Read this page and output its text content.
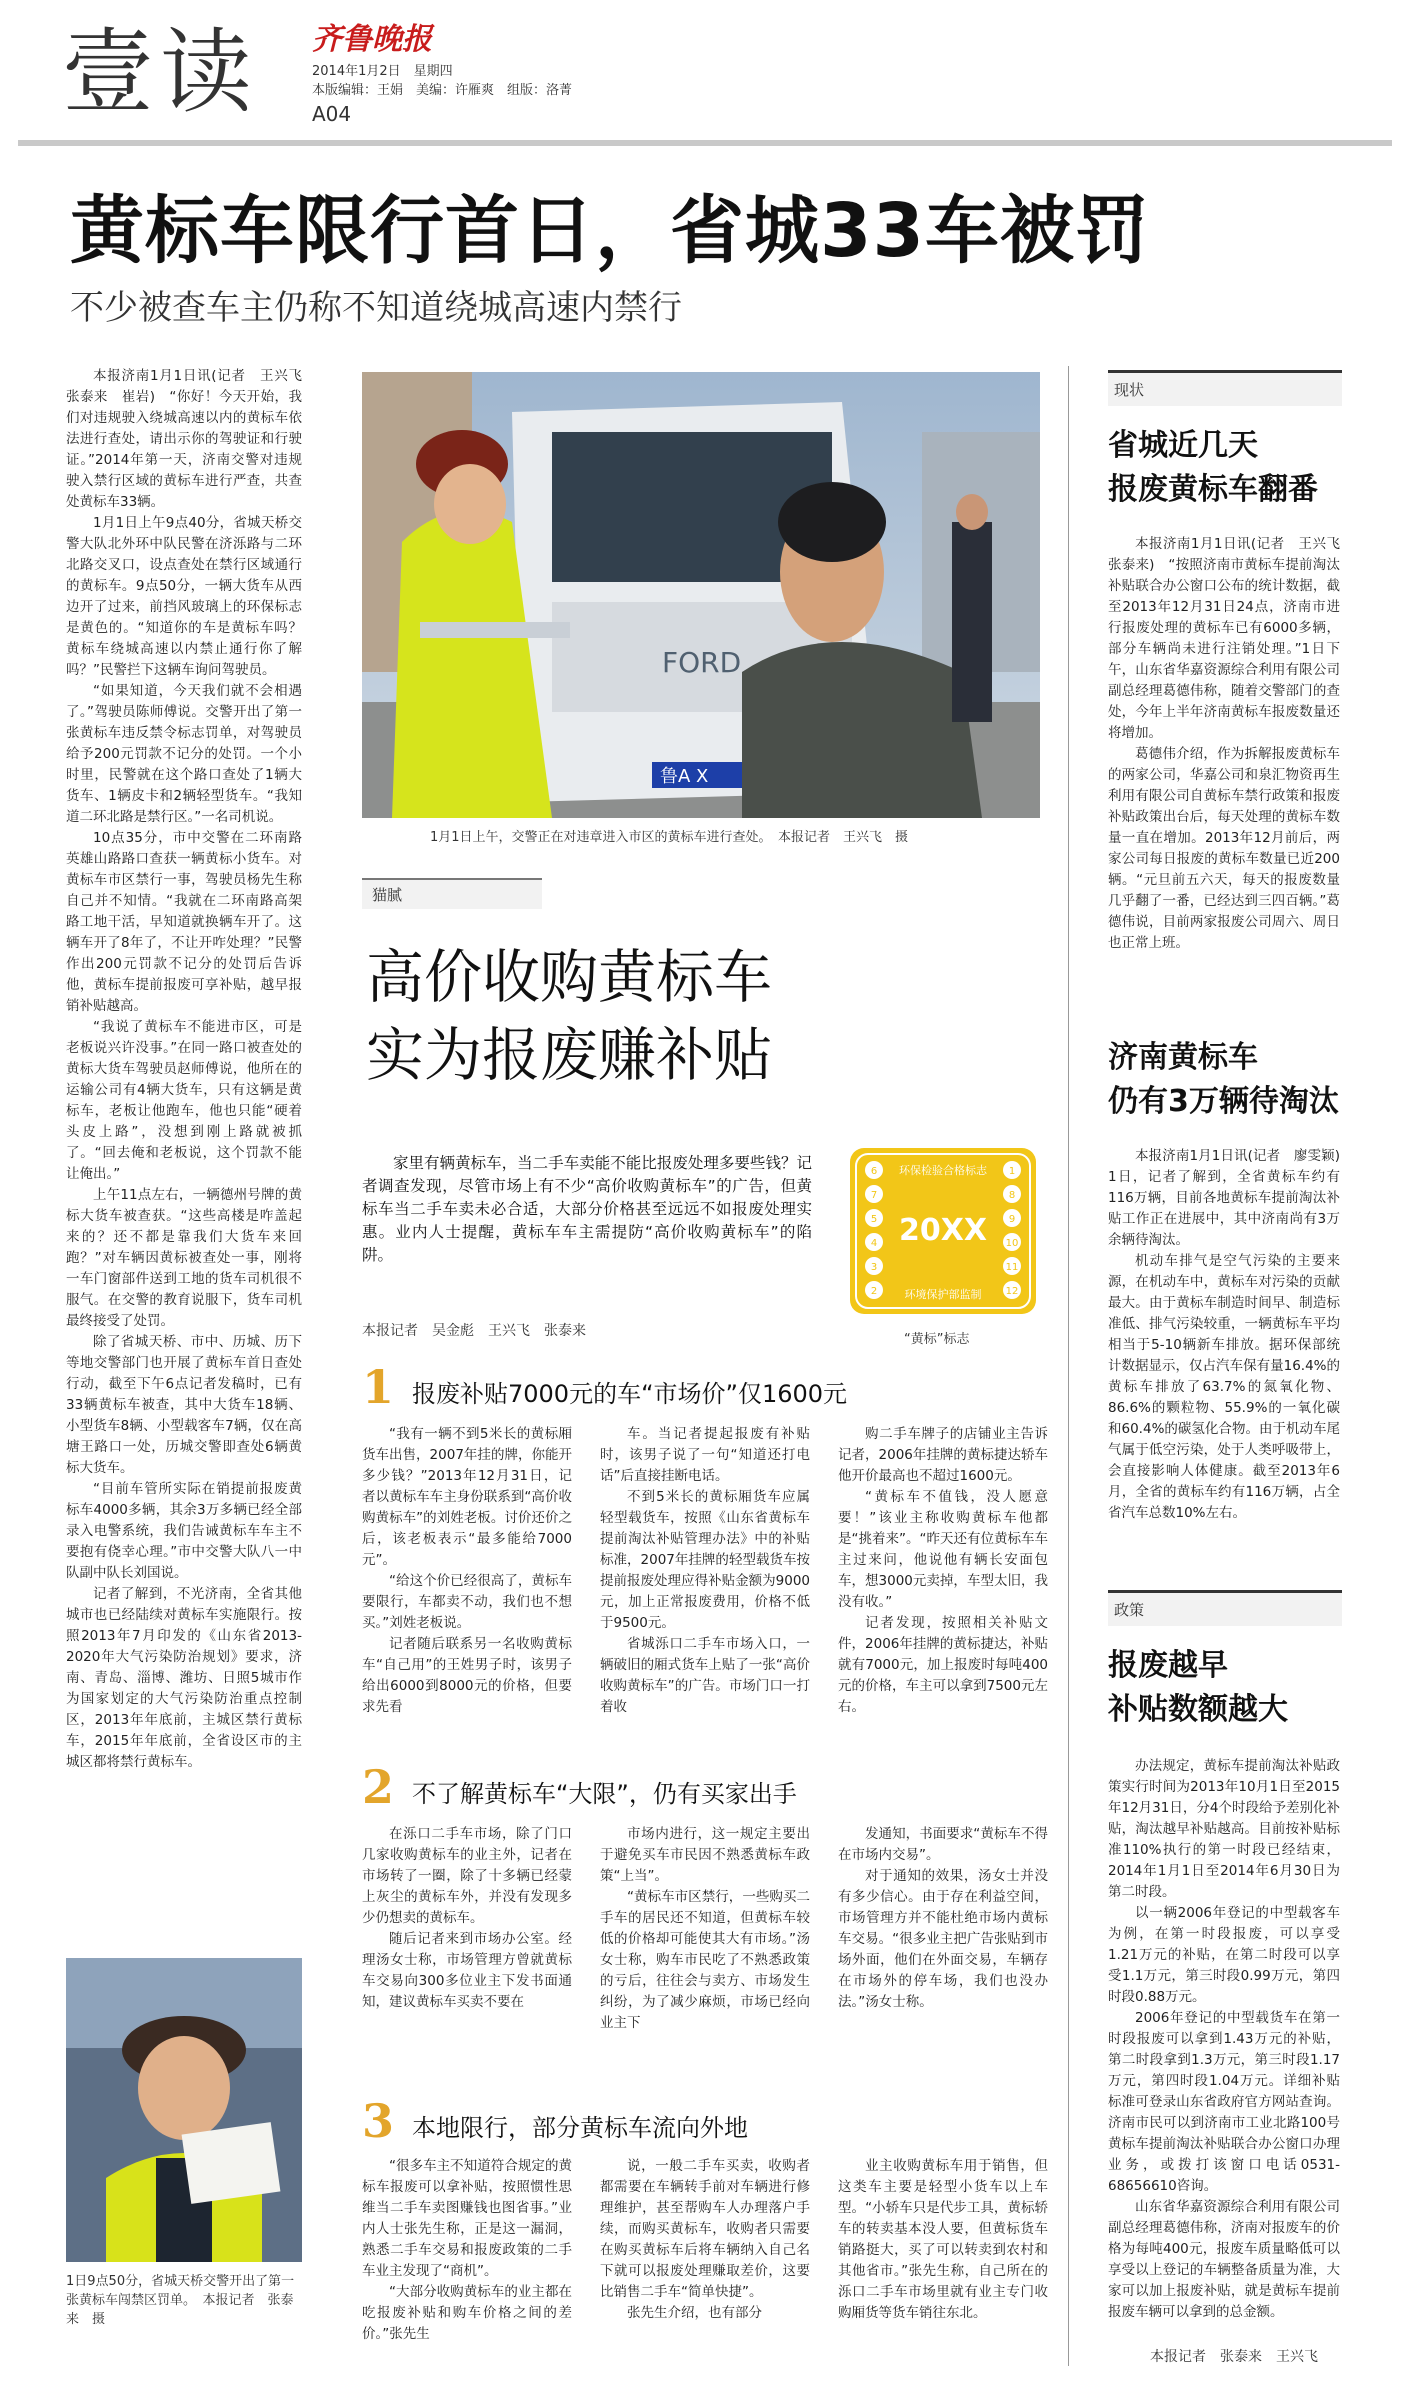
壹读 齐鲁晚报
2014年1月2日　星期四
本版编辑：王娟　美编：许雁爽　组版：洛菁
A04
黄标车限行首日，省城33车被罚
不少被查车主仍称不知道绕城高速内禁行

本报济南1月1日讯(记者　王兴飞　张泰来　崔岩)　“你好！今天开始，我们对违规驶入绕城高速以内的黄标车依法进行查处，请出示你的驾驶证和行驶证。”2014年第一天，济南交警对违规驶入禁行区域的黄标车进行严查，共查处黄标车33辆。

1月1日上午9点40分，省城天桥交警大队北外环中队民警在济泺路与二环北路交叉口，设点查处在禁行区域通行的黄标车。9点50分，一辆大货车从西边开了过来，前挡风玻璃上的环保标志是黄色的。“知道你的车是黄标车吗？黄标车绕城高速以内禁止通行你了解吗？”民警拦下这辆车询问驾驶员。

“如果知道，今天我们就不会相遇了。”驾驶员陈师傅说。交警开出了第一张黄标车违反禁令标志罚单，对驾驶员给予200元罚款不记分的处罚。一个小时里，民警就在这个路口查处了1辆大货车、1辆皮卡和2辆轻型货车。“我知道二环北路是禁行区。”一名司机说。

10点35分，市中交警在二环南路英雄山路路口查获一辆黄标小货车。对黄标车市区禁行一事，驾驶员杨先生称自己并不知情。“我就在二环南路高架路工地干活，早知道就换辆车开了。这辆车开了8年了，不让开咋处理？”民警作出200元罚款不记分的处罚后告诉他，黄标车提前报废可享补贴，越早报销补贴越高。

“我说了黄标车不能进市区，可是老板说兴许没事。”在同一路口被查处的黄标大货车驾驶员赵师傅说，他所在的运输公司有4辆大货车，只有这辆是黄标车，老板让他跑车，他也只能“硬着头皮上路”，没想到刚上路就被抓了。“回去俺和老板说，这个罚款不能让俺出。”

上午11点左右，一辆德州号牌的黄标大货车被查获。“这些高楼是咋盖起来的？还不都是靠我们大货车来回跑？”对车辆因黄标被查处一事，刚将一车门窗部件送到工地的货车司机很不服气。在交警的教育说服下，货车司机最终接受了处罚。

除了省城天桥、市中、历城、历下等地交警部门也开展了黄标车首日查处行动，截至下午6点记者发稿时，已有33辆黄标车被查，其中大货车18辆、小型货车8辆、小型载客车7辆，仅在高塘王路口一处，历城交警即查处6辆黄标大货车。

“目前车管所实际在销提前报废黄标车4000多辆，其余3万多辆已经全部录入电警系统，我们告诫黄标车车主不要抱有侥幸心理。”市中交警大队八一中队副中队长刘国说。

记者了解到，不光济南，全省其他城市也已经陆续对黄标车实施限行。按照2013年7月印发的《山东省2013-2020年大气污染防治规划》要求，济南、青岛、淄博、潍坊、日照5城市作为国家划定的大气污染防治重点控制区，2013年年底前，主城区禁行黄标车，2015年年底前，全省设区市的主城区都将禁行黄标车。

1日9点50分，省城天桥交警开出了第一张黄标车闯禁区罚单。　本报记者　张泰来　摄
FORD
鲁A X
1月1日上午，交警正在对违章进入市区的黄标车进行查处。　本报记者　王兴飞　摄
猫腻
高价收购黄标车
实为报废赚补贴
家里有辆黄标车，当二手车卖能不能比报废处理多要些钱？记者调查发现，尽管市场上有不少“高价收购黄标车”的广告，但黄标车当二手车卖未必合适，大部分价格甚至远远不如报废处理实惠。业内人士提醒，黄标车车主需提防“高价收购黄标车”的陷阱。
本报记者　吴金彪　王兴飞　张泰来
环保检验合格标志
20XX
环境保护部监制
6
7
5
4
3
2
1
8
9
10
11
12
“黄标”标志
1 报废补贴7000元的车“市场价”仅1600元

“我有一辆不到5米长的黄标厢货车出售，2007年挂的牌，你能开多少钱？”2013年12月31日，记者以黄标车车主身份联系到“高价收购黄标车”的刘姓老板。讨价还价之后，该老板表示“最多能给7000元”。

“给这个价已经很高了，黄标车要限行，车都卖不动，我们也不想买。”刘姓老板说。

记者随后联系另一名收购黄标车“自己用”的王姓男子时，该男子给出6000到8000元的价格，但要求先看

车。当记者提起报废有补贴时，该男子说了一句“知道还打电话”后直接挂断电话。

不到5米长的黄标厢货车应属轻型载货车，按照《山东省黄标车提前淘汰补贴管理办法》中的补贴标准，2007年挂牌的轻型载货车按提前报废处理应得补贴金额为9000元，加上正常报废费用，价格不低于9500元。

省城泺口二手车市场入口，一辆破旧的厢式货车上贴了一张“高价收购黄标车”的广告。市场门口一打着收

购二手车牌子的店铺业主告诉记者，2006年挂牌的黄标捷达轿车他开价最高也不超过1600元。

“黄标车不值钱，没人愿意要！”该业主称收购黄标车他都是“挑着来”。“昨天还有位黄标车车主过来问，他说他有辆长安面包车，想3000元卖掉，车型太旧，我没有收。”

记者发现，按照相关补贴文件，2006年挂牌的黄标捷达，补贴就有7000元，加上报废时每吨400元的价格，车主可以拿到7500元左右。

2 不了解黄标车“大限”，仍有买家出手

在泺口二手车市场，除了门口几家收购黄标车的业主外，记者在市场转了一圈，除了十多辆已经蒙上灰尘的黄标车外，并没有发现多少仍想卖的黄标车。

随后记者来到市场办公室。经理汤女士称，市场管理方曾就黄标车交易向300多位业主下发书面通知，建议黄标车买卖不要在

市场内进行，这一规定主要出于避免买车市民因不熟悉黄标车政策“上当”。

“黄标车市区禁行，一些购买二手车的居民还不知道，但黄标车较低的价格却可能使其大有市场。”汤女士称，购车市民吃了不熟悉政策的亏后，往往会与卖方、市场发生纠纷，为了减少麻烦，市场已经向业主下

发通知，书面要求“黄标车不得在市场内交易”。

对于通知的效果，汤女士并没有多少信心。由于存在利益空间，市场管理方并不能杜绝市场内黄标车交易。“很多业主把广告张贴到市场外面，他们在外面交易，车辆存在市场外的停车场，我们也没办法。”汤女士称。

3 本地限行，部分黄标车流向外地

“很多车主不知道符合规定的黄标车报废可以拿补贴，按照惯性思维当二手车卖图赚钱也图省事。”业内人士张先生称，正是这一漏洞，熟悉二手车交易和报废政策的二手车业主发现了“商机”。

“大部分收购黄标车的业主都在吃报废补贴和购车价格之间的差价。”张先生

说，一般二手车买卖，收购者都需要在车辆转手前对车辆进行修理维护，甚至帮购车人办理落户手续，而购买黄标车，收购者只需要在购买黄标车后将车辆纳入自己名下就可以报废处理赚取差价，这要比销售二手车“简单快捷”。

张先生介绍，也有部分

业主收购黄标车用于销售，但这类车主要是轻型小货车以上车型。“小轿车只是代步工具，黄标轿车的转卖基本没人要，但黄标货车销路挺大，买了可以转卖到农村和其他省市。”张先生称，自己所在的泺口二手车市场里就有业主专门收购厢货等货车销往东北。

现状
省城近几天
报废黄标车翻番

本报济南1月1日讯(记者　王兴飞　张泰来)　“按照济南市黄标车提前淘汰补贴联合办公窗口公布的统计数据，截至2013年12月31日24点，济南市进行报废处理的黄标车已有6000多辆，部分车辆尚未进行注销处理。”1日下午，山东省华嘉资源综合利用有限公司副总经理葛德伟称，随着交警部门的查处，今年上半年济南黄标车报废数量还将增加。

葛德伟介绍，作为拆解报废黄标车的两家公司，华嘉公司和泉汇物资再生利用有限公司自黄标车禁行政策和报废补贴政策出台后，每天处理的黄标车数量一直在增加。2013年12月前后，两家公司每日报废的黄标车数量已近200辆。“元旦前五六天，每天的报废数量几乎翻了一番，已经达到三四百辆。”葛德伟说，目前两家报废公司周六、周日也正常上班。

济南黄标车
仍有3万辆待淘汰

本报济南1月1日讯(记者　廖雯颖)　1日，记者了解到，全省黄标车约有116万辆，目前各地黄标车提前淘汰补贴工作正在进展中，其中济南尚有3万余辆待淘汰。

机动车排气是空气污染的主要来源，在机动车中，黄标车对污染的贡献最大。由于黄标车制造时间早、制造标准低、排气污染较重，一辆黄标车平均相当于5-10辆新车排放。据环保部统计数据显示，仅占汽车保有量16.4%的黄标车排放了63.7%的氮氧化物、86.6%的颗粒物、55.9%的一氧化碳和60.4%的碳氢化合物。由于机动车尾气属于低空污染，处于人类呼吸带上，会直接影响人体健康。截至2013年6月，全省的黄标车约有116万辆，占全省汽车总数10%左右。

政策
报废越早
补贴数额越大

办法规定，黄标车提前淘汰补贴政策实行时间为2013年10月1日至2015年12月31日，分4个时段给予差别化补贴，淘汰越早补贴越高。目前按补贴标准110%执行的第一时段已经结束，2014年1月1日至2014年6月30日为第二时段。

以一辆2006年登记的中型载客车为例，在第一时段报废，可以享受1.21万元的补贴，在第二时段可以享受1.1万元，第三时段0.99万元，第四时段0.88万元。

2006年登记的中型载货车在第一时段报废可以拿到1.43万元的补贴，第二时段拿到1.3万元，第三时段1.17万元，第四时段1.04万元。详细补贴标准可登录山东省政府官方网站查询。济南市民可以到济南市工业北路100号黄标车提前淘汰补贴联合办公窗口办理业务，或拨打该窗口电话0531-68656610咨询。

山东省华嘉资源综合利用有限公司副总经理葛德伟称，济南对报废车的价格为每吨400元，报废车质量略低可以享受以上登记的车辆整备质量为准，大家可以加上报废补贴，就是黄标车提前报废车辆可以拿到的总金额。

本报记者　张泰来　王兴飞
